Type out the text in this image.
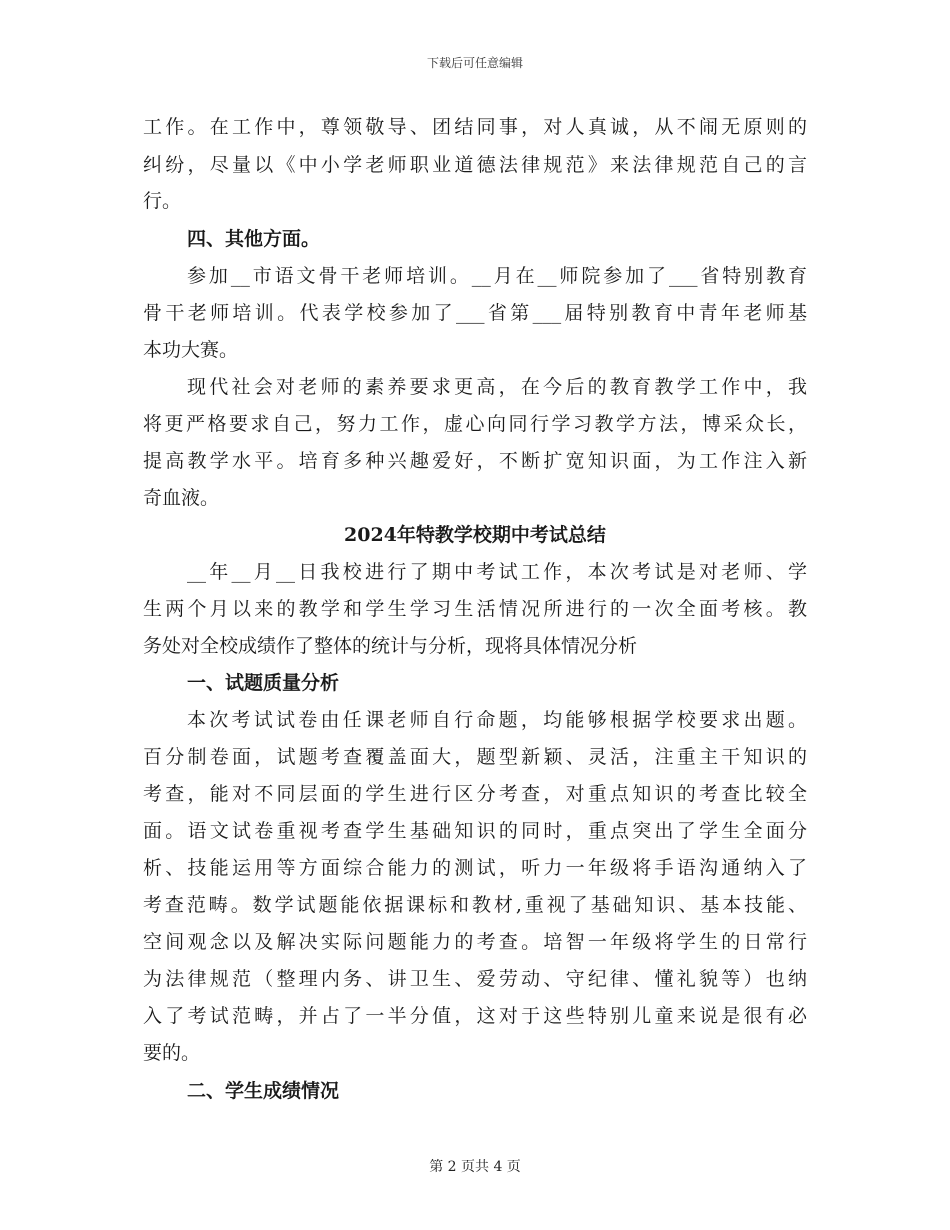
下载后可任意编辑
工作。在工作中，尊领敬导、团结同事，对人真诚，从不闹无原则的
纠纷，尽量以《中小学老师职业道德法律规范》来法律规范自己的言
行。
四、其他方面。
参加__市语文骨干老师培训。__月在__师院参加了___省特别教育
骨干老师培训。代表学校参加了___省第___届特别教育中青年老师基
本功大赛。
现代社会对老师的素养要求更高，在今后的教育教学工作中，我
将更严格要求自己，努力工作，虚心向同行学习教学方法，博采众长，
提高教学水平。培育多种兴趣爱好，不断扩宽知识面，为工作注入新
奇血液。
2024年特教学校期中考试总结
__年__月__日我校进行了期中考试工作，本次考试是对老师、学
生两个月以来的教学和学生学习生活情况所进行的一次全面考核。教
务处对全校成绩作了整体的统计与分析，现将具体情况分析
一、试题质量分析
本次考试试卷由任课老师自行命题，均能够根据学校要求出题。
百分制卷面，试题考查覆盖面大，题型新颖、灵活，注重主干知识的
考查，能对不同层面的学生进行区分考查，对重点知识的考查比较全
面。语文试卷重视考查学生基础知识的同时，重点突出了学生全面分
析、技能运用等方面综合能力的测试，听力一年级将手语沟通纳入了
考查范畴。数学试题能依据课标和教材,重视了基础知识、基本技能、
空间观念以及解决实际问题能力的考查。培智一年级将学生的日常行
为法律规范（整理内务、讲卫生、爱劳动、守纪律、懂礼貌等）也纳
入了考试范畴，并占了一半分值，这对于这些特别儿童来说是很有必
要的。
二、学生成绩情况
第 2 页共 4 页
